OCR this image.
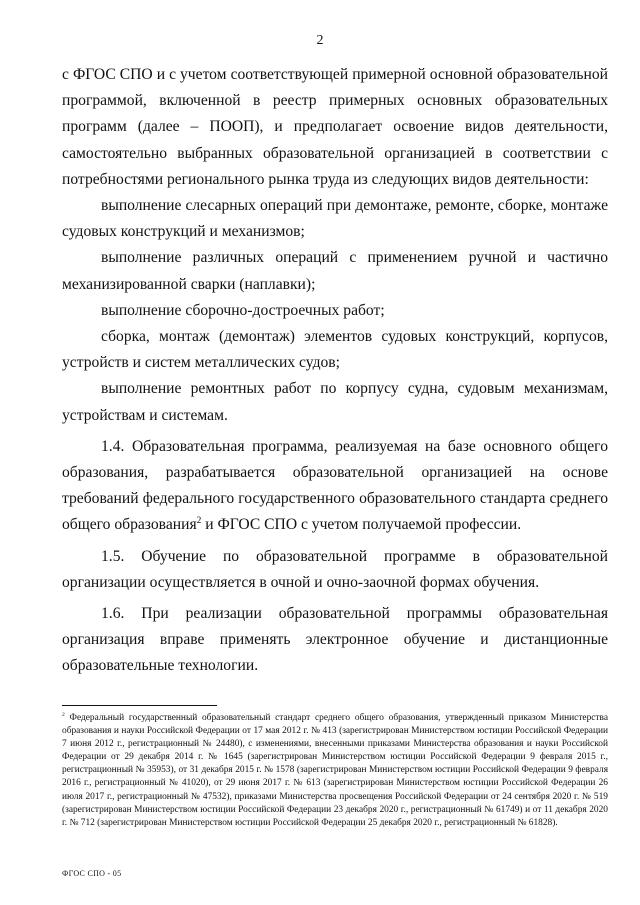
2

с ФГОС СПО и с учетом соответствующей примерной основной образовательной программой, включенной в реестр примерных основных образовательных программ (далее – ПООП), и предполагает освоение видов деятельности, самостоятельно выбранных образовательной организацией в соответствии с потребностями регионального рынка труда из следующих видов деятельности:

выполнение слесарных операций при демонтаже, ремонте, сборке, монтаже судовых конструкций и механизмов;

выполнение различных операций с применением ручной и частично механизированной сварки (наплавки);

выполнение сборочно-достроечных работ;

сборка, монтаж (демонтаж) элементов судовых конструкций, корпусов, устройств и систем металлических судов;

выполнение ремонтных работ по корпусу судна, судовым механизмам, устройствам и системам.

1.4. Образовательная программа, реализуемая на базе основного общего образования, разрабатывается образовательной организацией на основе требований федерального государственного образовательного стандарта среднего общего образования$^2$ и ФГОС СПО с учетом получаемой профессии.

1.5. Обучение по образовательной программе в образовательной организации осуществляется в очной и очно-заочной формах обучения.

1.6. При реализации образовательной программы образовательная организация вправе применять электронное обучение и дистанционные образовательные технологии.

$^2$ Федеральный государственный образовательный стандарт среднего общего образования, утвержденный приказом Министерства образования и науки Российской Федерации от 17 мая 2012 г. № 413 (зарегистрирован Министерством юстиции Российской Федерации 7 июня 2012 г., регистрационный № 24480), с изменениями, внесенными приказами Министерства образования и науки Российской Федерации от 29 декабря 2014 г. № 1645 (зарегистрирован Министерством юстиции Российской Федерации 9 февраля 2015 г., регистрационный № 35953), от 31 декабря 2015 г. № 1578 (зарегистрирован Министерством юстиции Российской Федерации 9 февраля 2016 г., регистрационный № 41020), от 29 июня 2017 г. № 613 (зарегистрирован Министерством юстиции Российской Федерации 26 июля 2017 г., регистрационный № 47532), приказами Министерства просвещения Российской Федерации от 24 сентября 2020 г. № 519 (зарегистрирован Министерством юстиции Российской Федерации 23 декабря 2020 г., регистрационный № 61749) и от 11 декабря 2020 г. № 712 (зарегистрирован Министерством юстиции Российской Федерации 25 декабря 2020 г., регистрационный № 61828).
ФГОС СПО - 05
